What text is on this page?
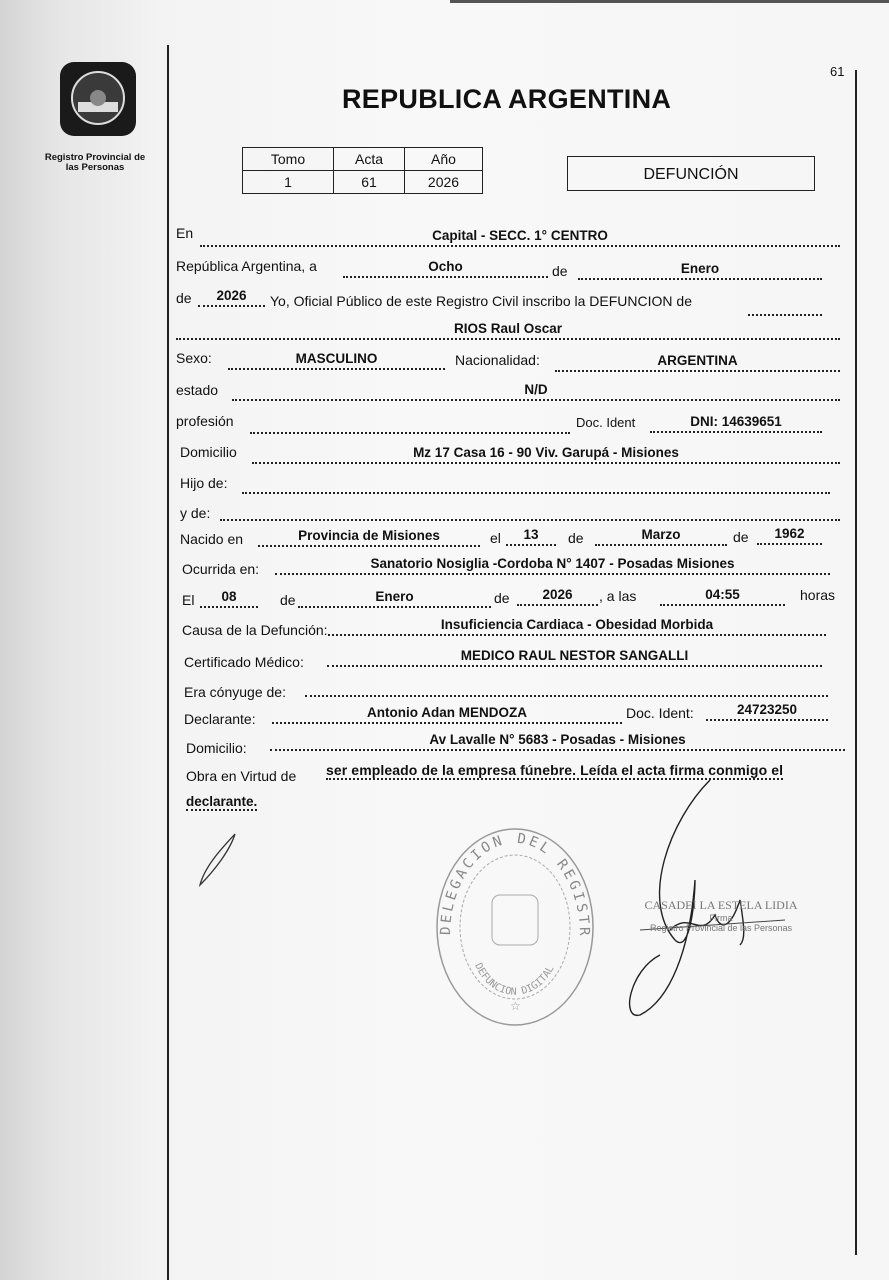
Registro Provincial de
las Personas
61
REPUBLICA ARGENTINA
Tomo	Acta	Año
1	61	2026	DEFUNCIÓN
En	Capital - SECC. 1° CENTRO
República Argentina, a	Ocho	de	Enero
de	2026	Yo, Oficial Público de este Registro Civil inscribo la DEFUNCION de
RIOS Raul Oscar
Sexo:	MASCULINO	Nacionalidad:	ARGENTINA
estado	N/D
profesión	Doc. Ident	DNI: 14639651
Domicilio	Mz 17 Casa 16 - 90 Viv. Garupá - Misiones
Hijo de:
y de:
Nacido en	Provincia de Misiones	el	13	de	Marzo	de	1962
Ocurrida en:	Sanatorio Nosiglia -Cordoba N° 1407 - Posadas Misiones
El	08	de	Enero	de	2026	, a las	04:55	horas
Causa de la Defunción:	Insuficiencia Cardiaca - Obesidad Morbida
Certificado Médico:	MEDICO RAUL NESTOR SANGALLI
Era cónyuge de:
Declarante:	Antonio Adan MENDOZA	Doc. Ident:	24723250
Domicilio:
Av Lavalle N° 5683 - Posadas - Misiones
Obra en Virtud de ser empleado de la empresa fúnebre. Leída el acta firma conmigo el
declarante.
DELEGACION DEL REGISTR
DEFUNCION DIGITAL
☆
CASADEI LA ESTELA LIDIA
Firma
Registro Provincial de las Personas
